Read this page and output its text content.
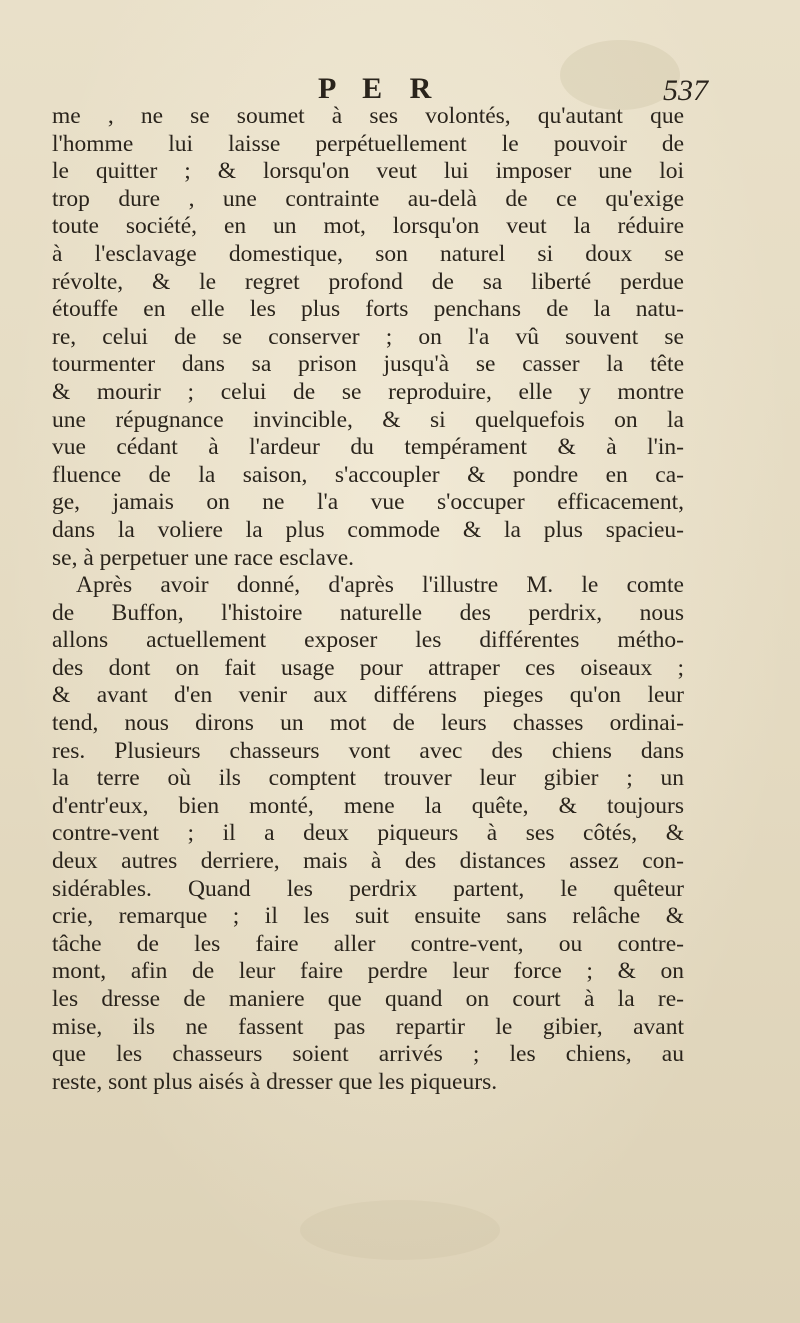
P E R	537
me , ne se soumet à ses volontés, qu'autant que
l'homme lui laisse perpétuellement le pouvoir de
le quitter ; & lorsqu'on veut lui imposer une loi
trop dure , une contrainte au-delà de ce qu'exige
toute société, en un mot, lorsqu'on veut la réduire
à l'esclavage domestique, son naturel si doux se
révolte, & le regret profond de sa liberté perdue
étouffe en elle les plus forts penchans de la natu-
re, celui de se conserver ; on l'a vû souvent se
tourmenter dans sa prison jusqu'à se casser la tête
& mourir ; celui de se reproduire, elle y montre
une répugnance invincible, & si quelquefois on la
vue cédant à l'ardeur du tempérament & à l'in-
fluence de la saison, s'accoupler & pondre en ca-
ge, jamais on ne l'a vue s'occuper efficacement,
dans la voliere la plus commode & la plus spacieu-
se, à perpetuer une race esclave.
Après avoir donné, d'après l'illustre M. le comte
de Buffon, l'histoire naturelle des perdrix, nous
allons actuellement exposer les différentes métho-
des dont on fait usage pour attraper ces oiseaux ;
& avant d'en venir aux différens pieges qu'on leur
tend, nous dirons un mot de leurs chasses ordinai-
res. Plusieurs chasseurs vont avec des chiens dans
la terre où ils comptent trouver leur gibier ; un
d'entr'eux, bien monté, mene la quête, & toujours
contre-vent ; il a deux piqueurs à ses côtés, &
deux autres derriere, mais à des distances assez con-
sidérables. Quand les perdrix partent, le quêteur
crie, remarque ; il les suit ensuite sans relâche &
tâche de les faire aller contre-vent, ou contre-
mont, afin de leur faire perdre leur force ; & on
les dresse de maniere que quand on court à la re-
mise, ils ne fassent pas repartir le gibier, avant
que les chasseurs soient arrivés ; les chiens, au
reste, sont plus aisés à dresser que les piqueurs.
